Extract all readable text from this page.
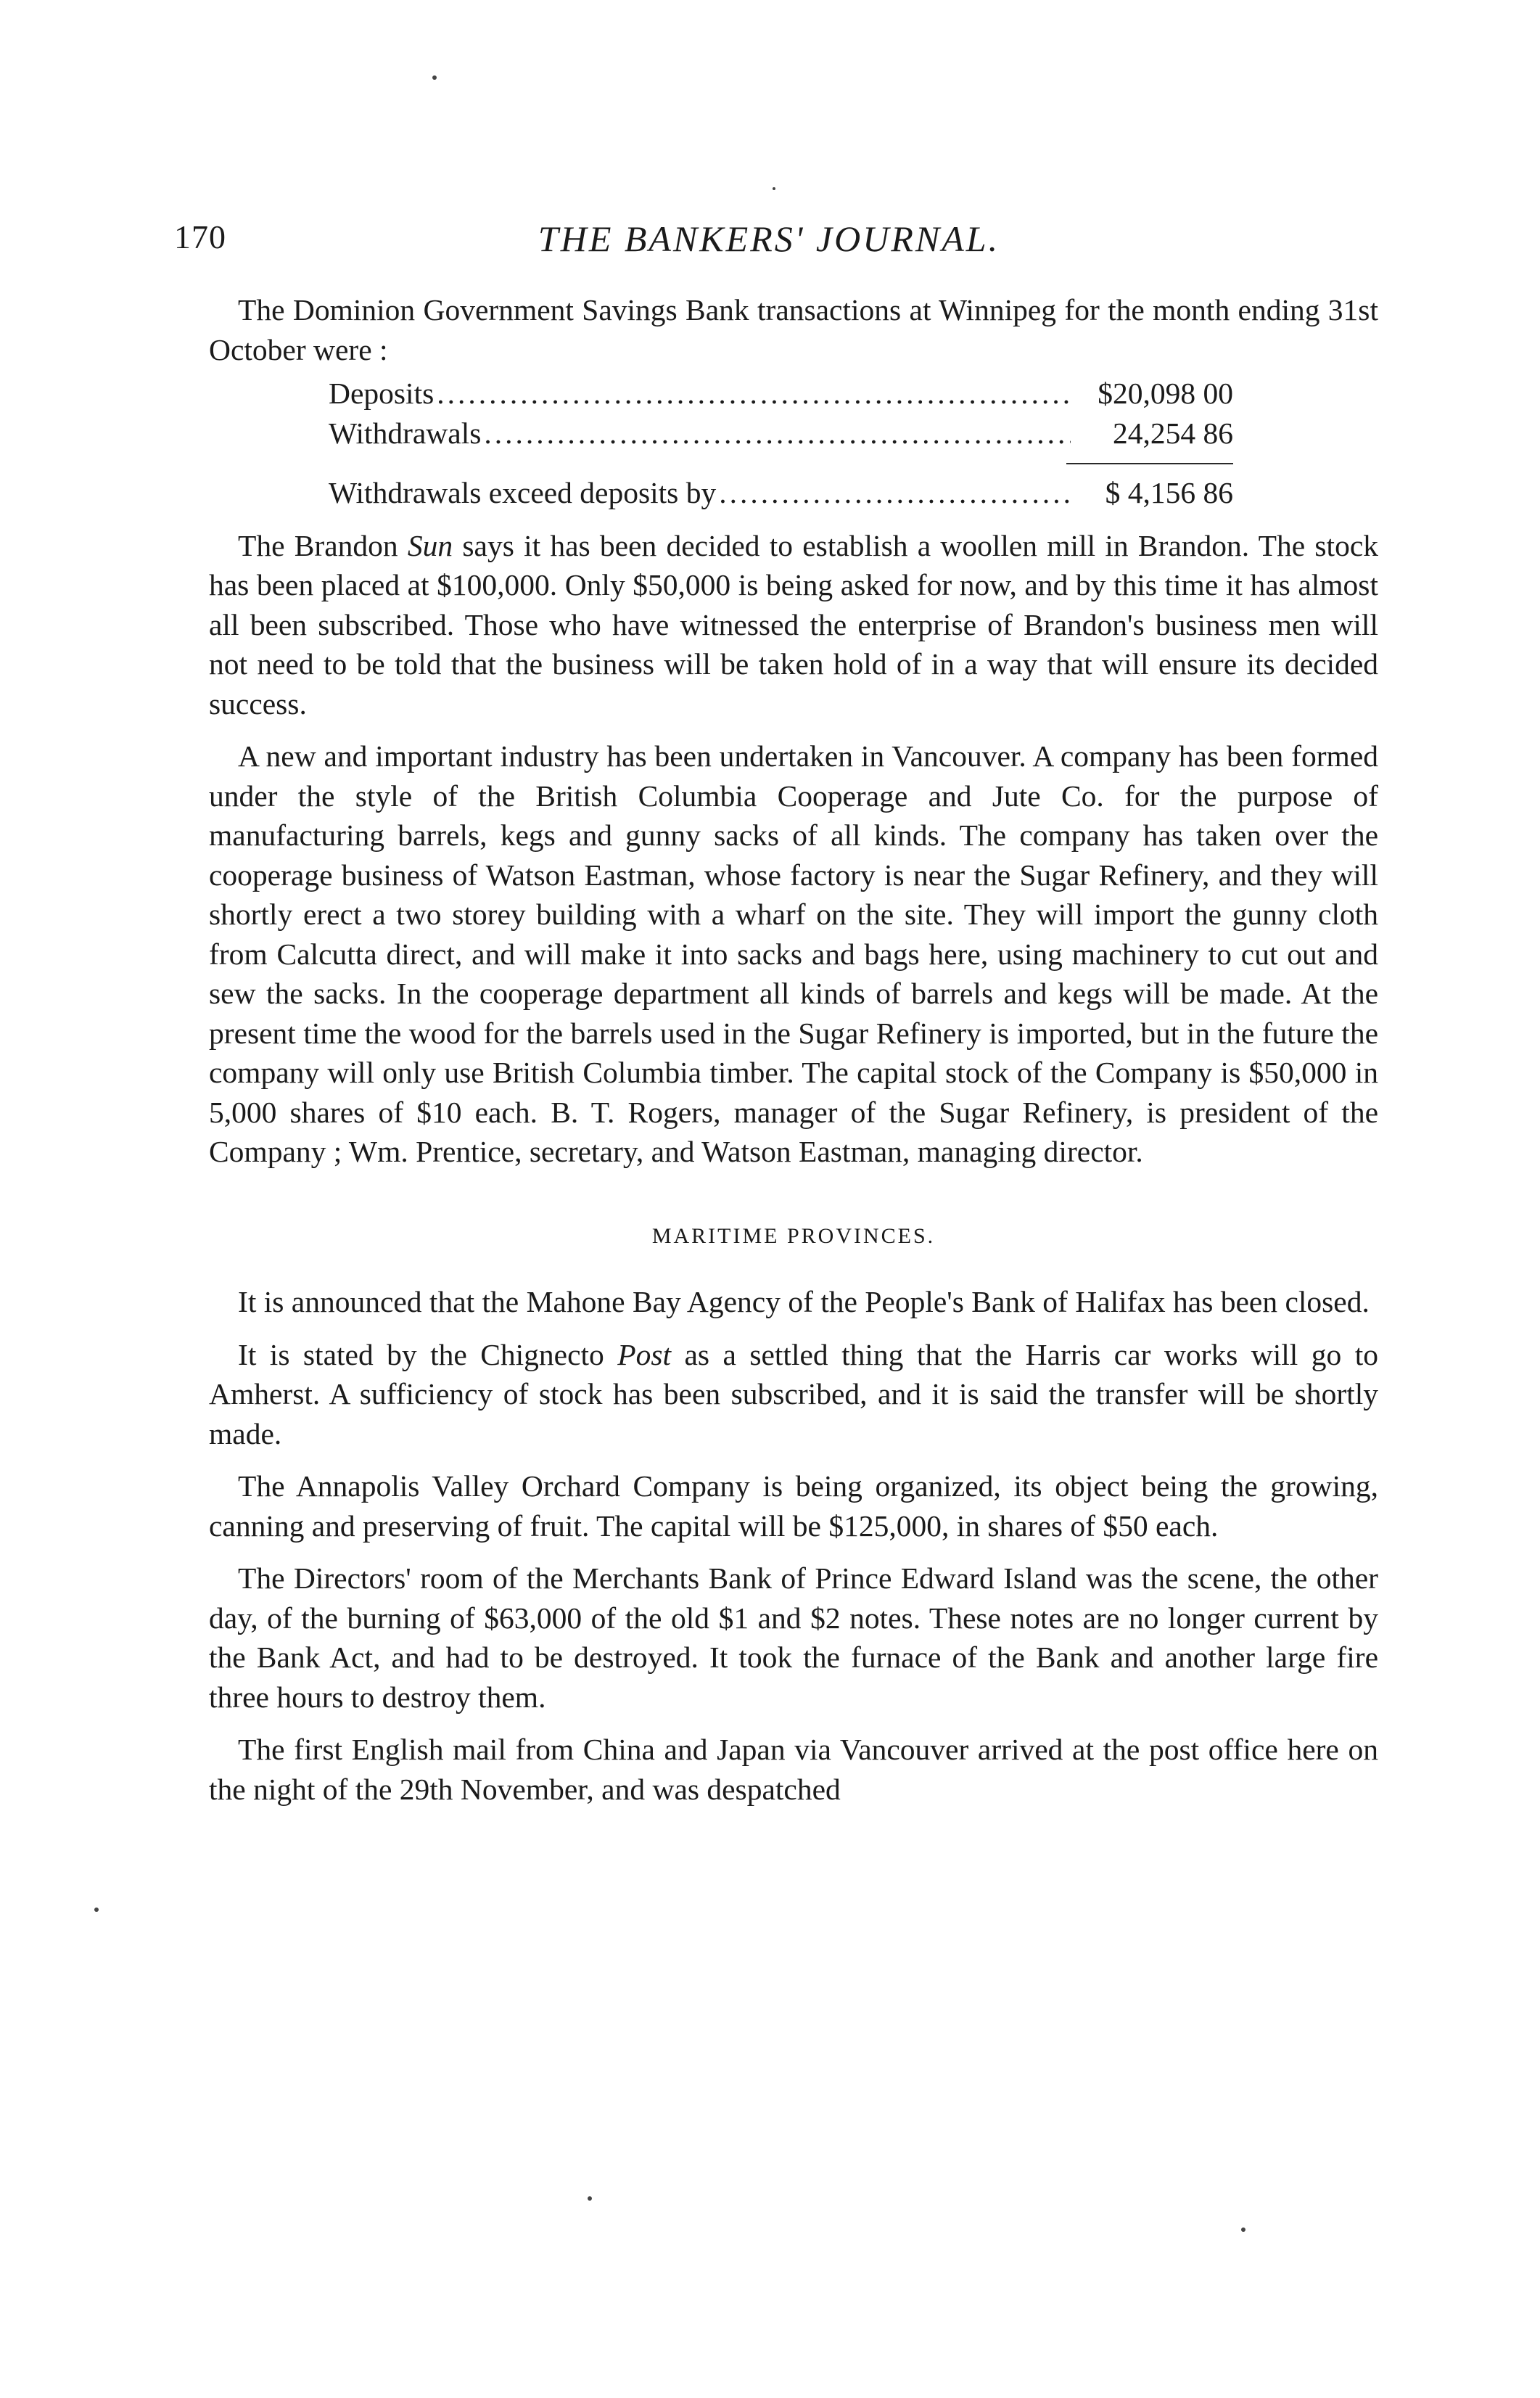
170	THE BANKERS' JOURNAL.

The Dominion Government Savings Bank transactions at Winnipeg for the month ending 31st October were :

Deposits .....	$20,098 00
Withdrawals .....	24,254 86
Withdrawals exceed deposits by .....	$ 4,156 86

The Brandon Sun says it has been decided to establish a woollen mill in Brandon. The stock has been placed at $100,000. Only $50,000 is being asked for now, and by this time it has almost all been subscribed. Those who have witnessed the enterprise of Brandon's business men will not need to be told that the business will be taken hold of in a way that will ensure its decided success.

A new and important industry has been undertaken in Vancouver. A company has been formed under the style of the British Columbia Cooperage and Jute Co. for the purpose of manufacturing barrels, kegs and gunny sacks of all kinds. The company has taken over the cooperage business of Watson Eastman, whose factory is near the Sugar Refinery, and they will shortly erect a two storey building with a wharf on the site. They will import the gunny cloth from Calcutta direct, and will make it into sacks and bags here, using machinery to cut out and sew the sacks. In the cooperage department all kinds of barrels and kegs will be made. At the present time the wood for the barrels used in the Sugar Refinery is imported, but in the future the company will only use British Columbia timber. The capital stock of the Company is $50,000 in 5,000 shares of $10 each. B. T. Rogers, manager of the Sugar Refinery, is president of the Company ; Wm. Prentice, secretary, and Watson Eastman, managing director.

MARITIME PROVINCES.

It is announced that the Mahone Bay Agency of the People's Bank of Halifax has been closed.

It is stated by the Chignecto Post as a settled thing that the Harris car works will go to Amherst. A sufficiency of stock has been subscribed, and it is said the transfer will be shortly made.

The Annapolis Valley Orchard Company is being organized, its object being the growing, canning and preserving of fruit. The capital will be $125,000, in shares of $50 each.

The Directors' room of the Merchants Bank of Prince Edward Island was the scene, the other day, of the burning of $63,000 of the old $1 and $2 notes. These notes are no longer current by the Bank Act, and had to be destroyed. It took the furnace of the Bank and another large fire three hours to destroy them.

The first English mail from China and Japan via Vancouver arrived at the post office here on the night of the 29th November, and was despatched
